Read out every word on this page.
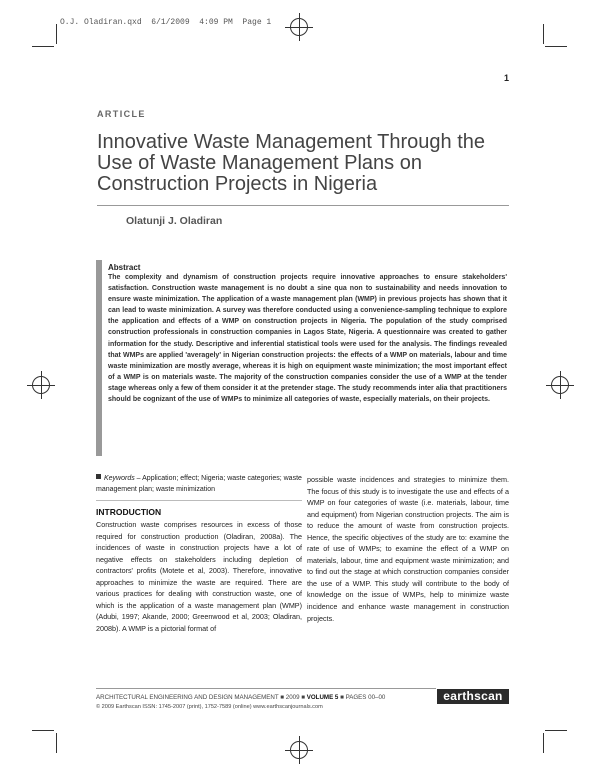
O.J. Oladiran.qxd  6/1/2009  4:09 PM  Page 1
1
ARTICLE
Innovative Waste Management Through the Use of Waste Management Plans on Construction Projects in Nigeria
Olatunji J. Oladiran
Abstract
The complexity and dynamism of construction projects require innovative approaches to ensure stakeholders' satisfaction. Construction waste management is no doubt a sine qua non to sustainability and needs innovation to ensure waste minimization. The application of a waste management plan (WMP) in previous projects has shown that it can lead to waste minimization. A survey was therefore conducted using a convenience-sampling technique to explore the application and effects of a WMP on construction projects in Nigeria. The population of the study comprised construction professionals in construction companies in Lagos State, Nigeria. A questionnaire was created to gather information for the study. Descriptive and inferential statistical tools were used for the analysis. The findings revealed that WMPs are applied 'averagely' in Nigerian construction projects: the effects of a WMP on materials, labour and time waste minimization are mostly average, whereas it is high on equipment waste minimization; the most important effect of a WMP is on materials waste. The majority of the construction companies consider the use of a WMP at the tender stage whereas only a few of them consider it at the pretender stage. The study recommends inter alia that practitioners should be cognizant of the use of WMPs to minimize all categories of waste, especially materials, on their projects.
Keywords – Application; effect; Nigeria; waste categories; waste management plan; waste minimization
INTRODUCTION
Construction waste comprises resources in excess of those required for construction production (Oladiran, 2008a). The incidences of waste in construction projects have a lot of negative effects on stakeholders including depletion of contractors' profits (Motete et al, 2003). Therefore, innovative approaches to minimize the waste are required. There are various practices for dealing with construction waste, one of which is the application of a waste management plan (WMP) (Adubi, 1997; Akande, 2000; Greenwood et al, 2003; Oladiran, 2008b). A WMP is a pictorial format of
possible waste incidences and strategies to minimize them. The focus of this study is to investigate the use and effects of a WMP on four categories of waste (i.e. materials, labour, time and equipment) from Nigerian construction projects. The aim is to reduce the amount of waste from construction projects. Hence, the specific objectives of the study are to: examine the rate of use of WMPs; to examine the effect of a WMP on materials, labour, time and equipment waste minimization; and to find out the stage at which construction companies consider the use of a WMP. This study will contribute to the body of knowledge on the issue of WMPs, help to minimize waste incidence and enhance waste management in construction projects.
ARCHITECTURAL ENGINEERING AND DESIGN MANAGEMENT ■ 2009 ■ VOLUME 5 ■ PAGES 00–00
© 2009 Earthscan ISSN: 1745-2007 (print), 1752-7589 (online) www.earthscanjournals.com
earthscan
